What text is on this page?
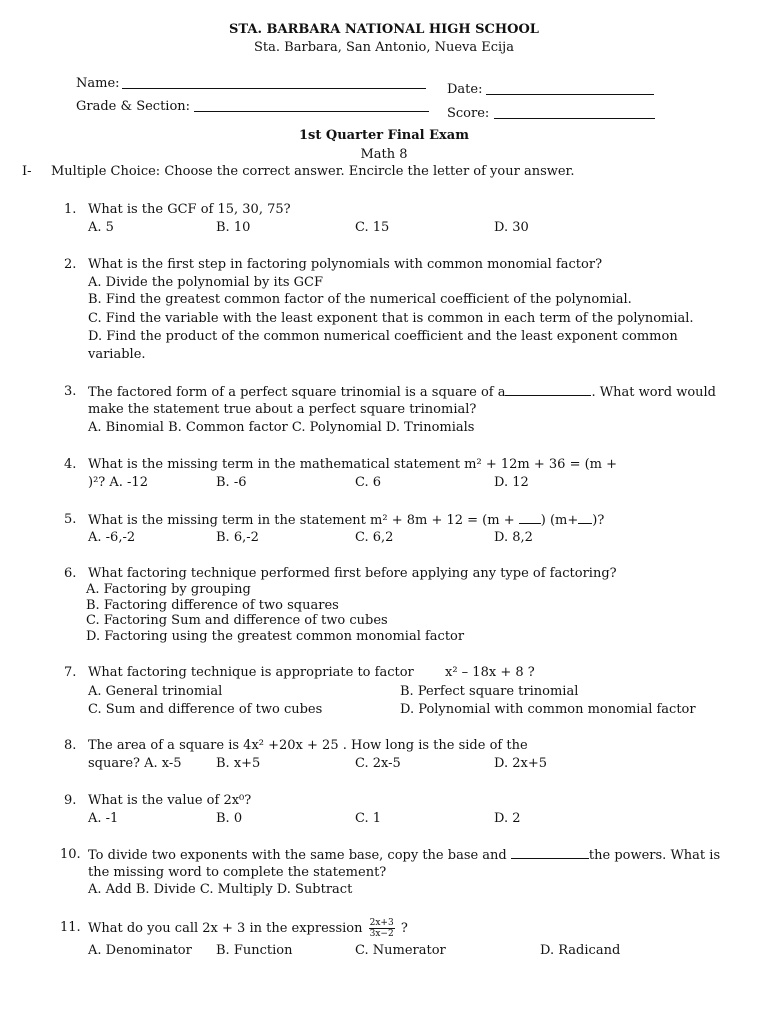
STA. BARBARA NATIONAL HIGH SCHOOL
Sta. Barbara, San Antonio, Nueva Ecija
Name:
Grade & Section:
Date:
Score:
1st Quarter Final Exam
Math 8
I- Multiple Choice: Choose the correct answer. Encircle the letter of your answer.
1. What is the GCF of 15, 30, 75?
A. 5	B. 10	C. 15	D. 30
2. What is the first step in factoring polynomials with common monomial factor?
A. Divide the polynomial by its GCF
B. Find the greatest common factor of the numerical coefficient of the polynomial.
C. Find the variable with the least exponent that is common in each term of the polynomial.
D. Find the product of the common numerical coefficient and the least exponent common
variable.
3. The factored form of a perfect square trinomial is a square of a	. What word would
make the statement true about a perfect square trinomial?
A. Binomial B. Common factor C. Polynomial D. Trinomials
4. What is the missing term in the mathematical statement m² + 12m + 36 = (m +
)²? A. -12	B. -6	C. 6	D. 12
5. What is the missing term in the statement m² + 8m + 12 = (m + ) (m+ )?
A. -6,-2	B. 6,-2	C. 6,2	D. 8,2
6. What factoring technique performed first before applying any type of factoring?
A. Factoring by grouping
B. Factoring difference of two squares
C. Factoring Sum and difference of two cubes
D. Factoring using the greatest common monomial factor
7. What factoring technique is appropriate to factor x² – 18x + 8 ?
A. General trinomial	B. Perfect square trinomial
C. Sum and difference of two cubes	D. Polynomial with common monomial factor
8. The area of a square is 4x² +20x + 25 . How long is the side of the
square? A. x-5	B. x+5	C. 2x-5	D. 2x+5
9. What is the value of 2x⁰?
A. -1	B. 0	C. 1	D. 2
10. To divide two exponents with the same base, copy the base and	the powers. What is
the missing word to complete the statement?
A. Add B. Divide C. Multiply D. Subtract
11. What do you call 2x + 3 in the expression $\frac{2x+3}{3x-2}$ ?
A. Denominator B. Function	C. Numerator	D. Radicand
